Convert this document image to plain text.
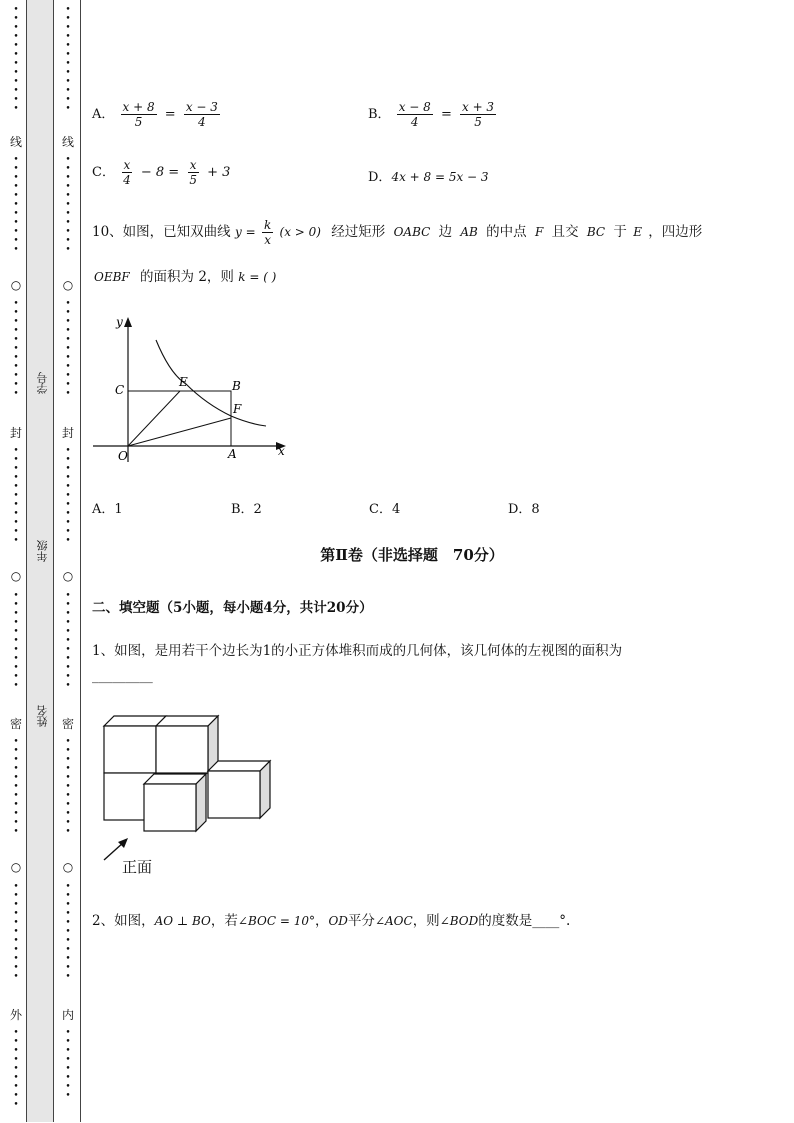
•
•
•
•
•
•
•
•
•
•
•
•
线
•
•
•
•
•
•
•
•
•
•
•
○
•
•
•
•
•
•
•
•
•
•
•
封
•
•
•
•
•
•
•
•
•
•
•
○
•
•
•
•
•
•
•
•
•
•
•
密
•
•
•
•
•
•
•
•
•
•
•
○
•
•
•
•
•
•
•
•
•
•
•
外
•
•
•
•
•
•
•
•
•
•
•
•
•
•
•
•
•
•
•
•
•
线
•
•
•
•
•
•
•
•
•
•
•
○
•
•
•
•
•
•
•
•
•
•
•
封
•
•
•
•
•
•
•
•
•
•
•
○
•
•
•
•
•
•
•
•
•
•
•
密
•
•
•
•
•
•
•
•
•
•
•
○
•
•
•
•
•
•
•
•
•
•
•
内
•
•
•
•
•
•
•
•
学号
年级
姓名
A． $\frac{x + 8}{5} = \frac{x - 3}{4}$	B． $\frac{x - 8}{4} = \frac{x + 3}{5}$
C． $\frac{x}{4} - 8 = \frac{x}{5} + 3$	D．4x + 8 = 5x − 3
10、如图，已知双曲线 $y = \frac{k}{x} (x > 0)$ 经过矩形 OABC 边 AB 的中点 F 且交 BC 于 E ，四边形
OEBF 的面积为 2，则 k = ( )
y
x
O	A
B
C
E
F
A．1	B．2	C．4	D．8
第Ⅱ卷（非选择题　70分）
二、填空题（5小题，每小题4分，共计20分）
1、如图，是用若干个边长为1的小正方体堆积而成的几何体，该几何体的左视图的面积为
_________
正面
2、如图，AO ⊥ BO，若∠BOC = 10°，OD平分∠AOC，则∠BOD的度数是____°.
